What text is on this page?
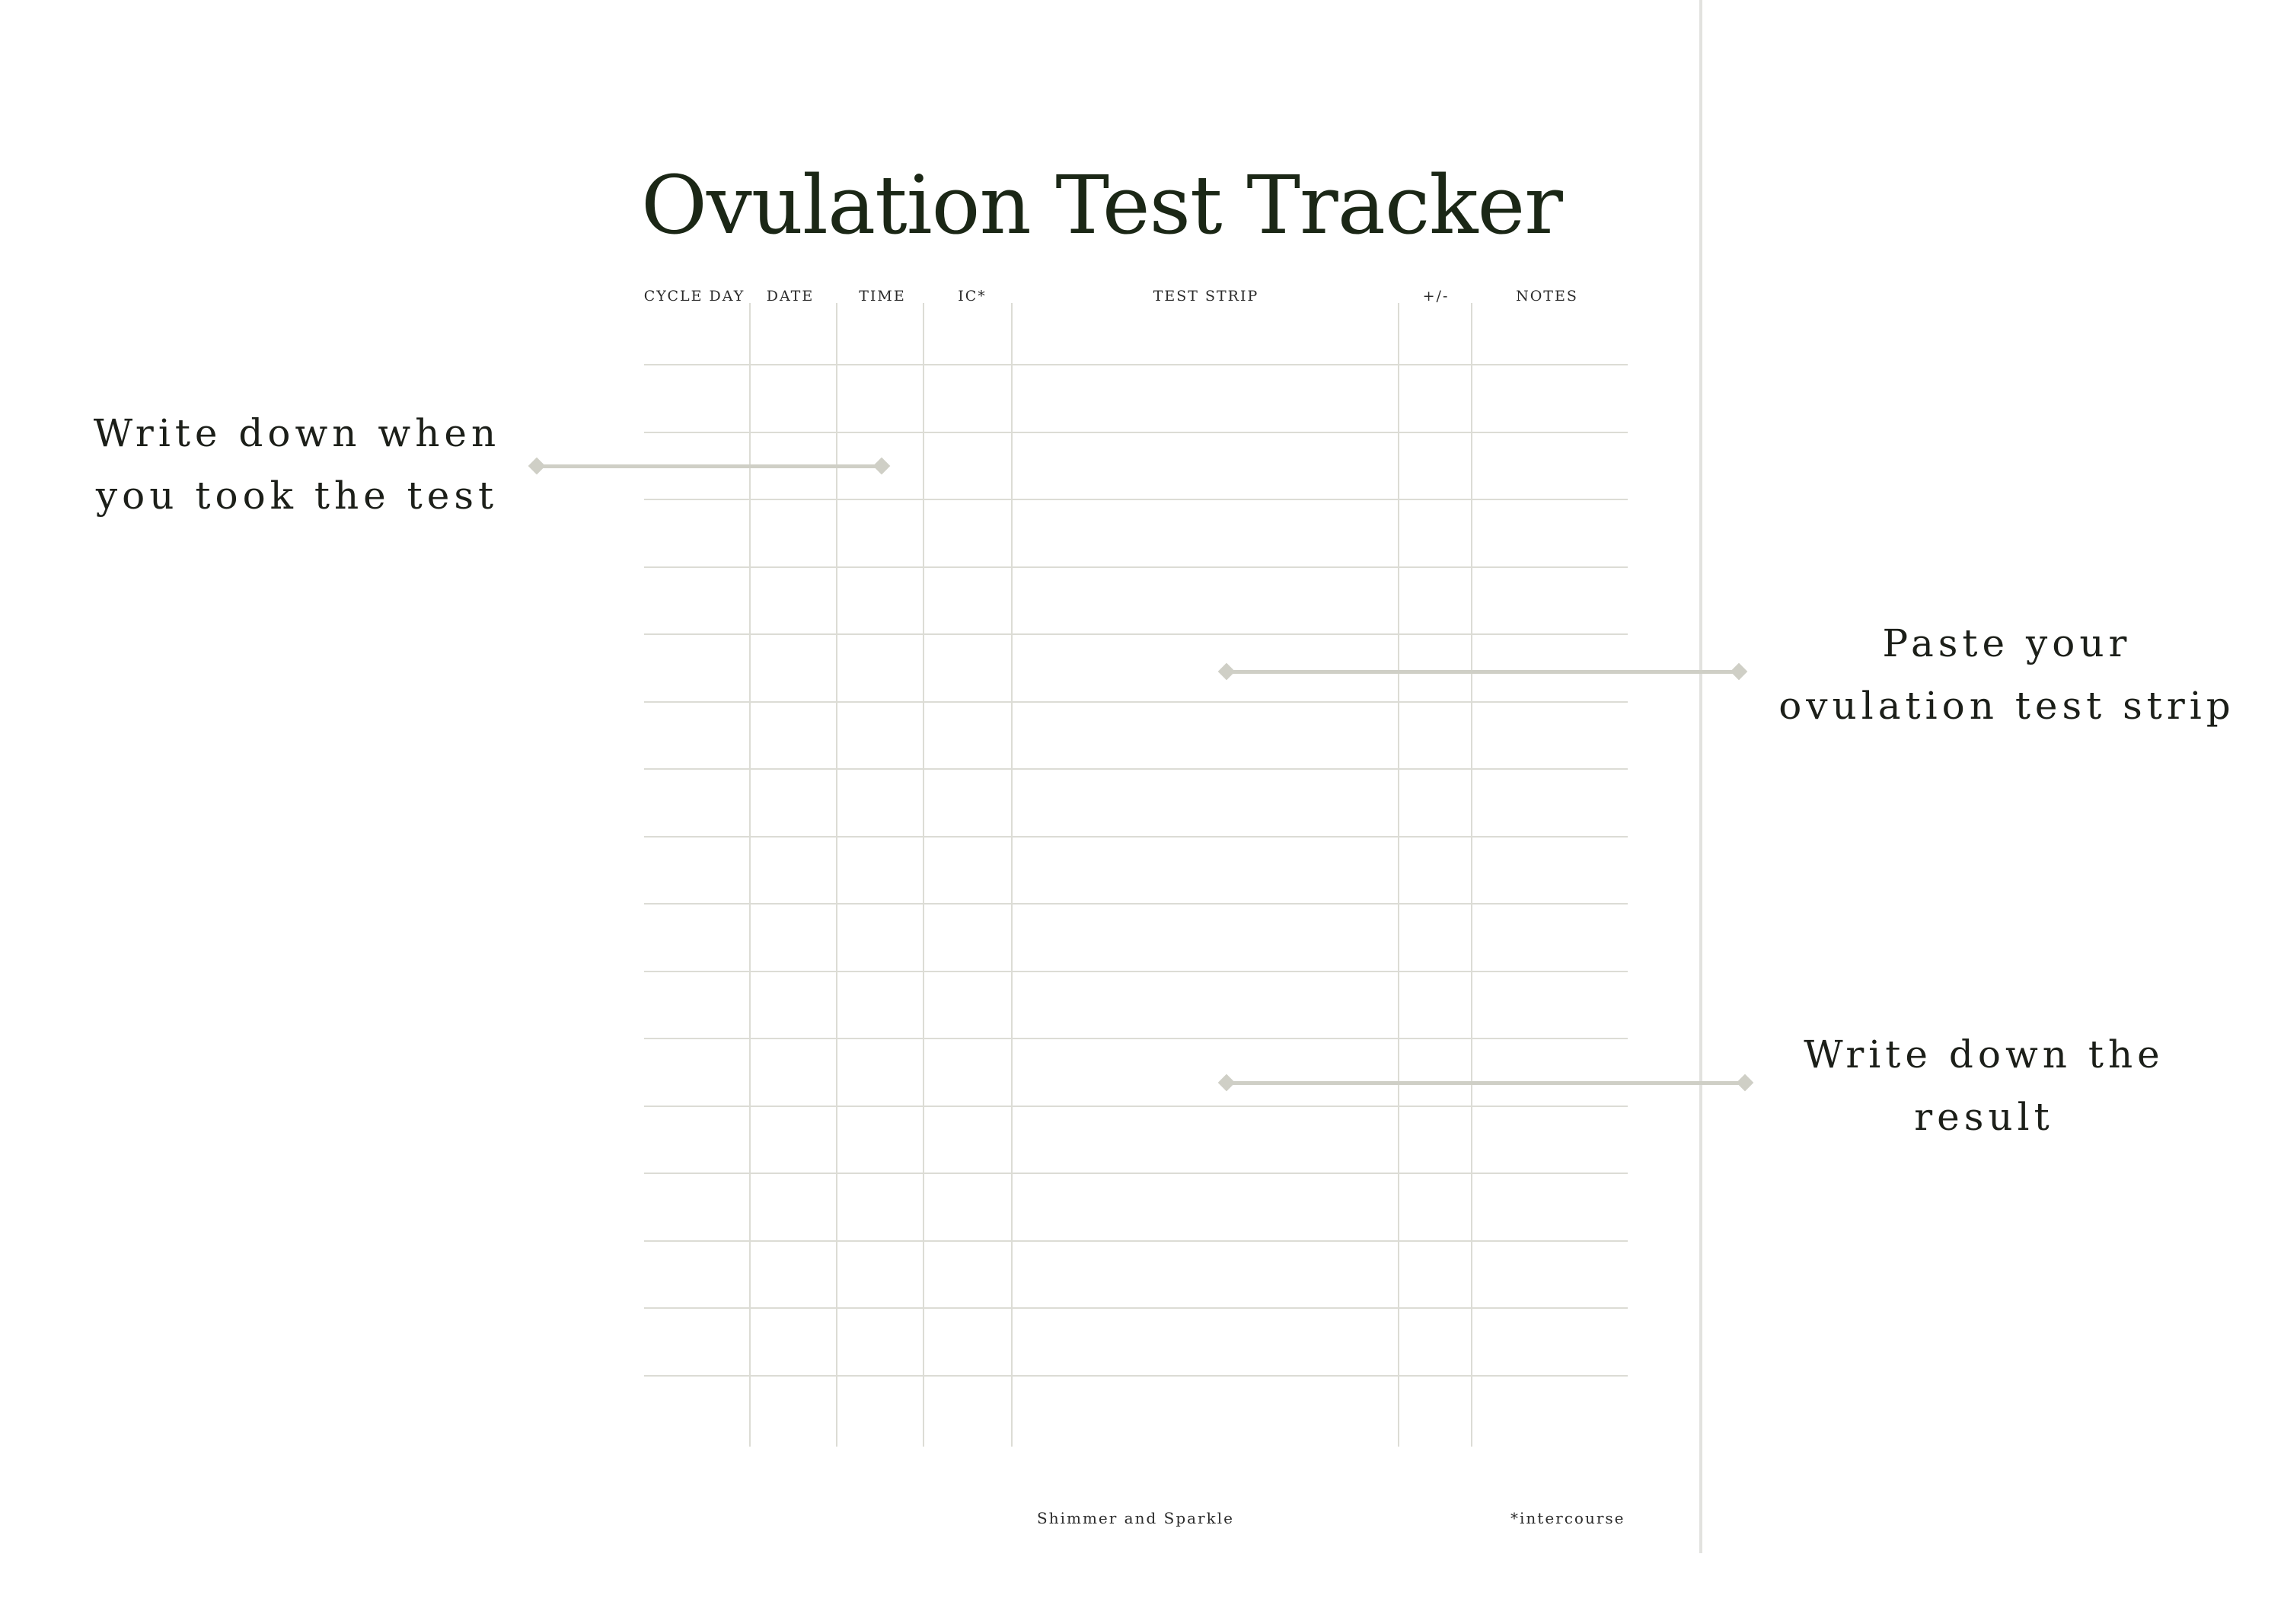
Ovulation Test Tracker
CYCLE DAY	DATE	TIME	IC*	TEST STRIP	+/-	NOTES
Shimmer and Sparkle	*intercourse
Write down when
you took the test
Paste your
ovulation test strip
Write down the
result
